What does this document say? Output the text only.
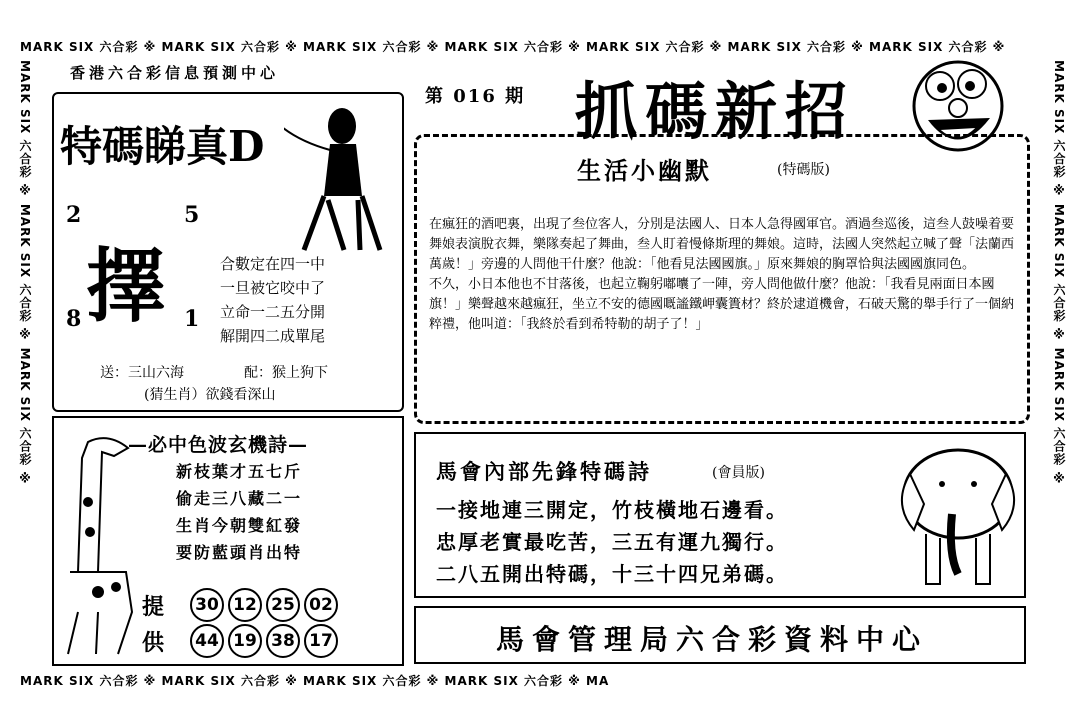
MARK SIX 六合彩 ※ MARK SIX 六合彩 ※ MARK SIX 六合彩 ※ MARK SIX 六合彩 ※ MARK SIX 六合彩 ※ MARK SIX 六合彩 ※ MARK SIX 六合彩 ※
MARK SIX 六合彩 ※ MARK SIX 六合彩 ※ MARK SIX 六合彩 ※ MARK SIX 六合彩 ※ MA
MARK SIX 六合彩 ※ MARK SIX 六合彩 ※ MARK SIX 六合彩 ※	MARK SIX 六合彩 ※ MARK SIX 六合彩 ※ MARK SIX 六合彩 ※
香港六合彩信息預測中心
第 016 期 抓碼新招
特碼睇真D
2	5
8	1
擇	合數定在四一中
一旦被它咬中了
立命一二五分開
解開四二成單尾
送：三山六海	配：猴上狗下
(猜生肖）欲錢看深山
生活小幽默	(特碼版)
在瘋狂的酒吧裏，出現了叁位客人，分別是法國人、日本人急得國軍官。酒過叁巡後，這叁人鼓噪着要舞娘表演脫衣舞，樂隊奏起了舞曲，叁人盯着慢條斯理的舞娘。這時，法國人突然起立喊了聲「法蘭西萬歲！」旁邊的人問他干什麼？他說：「他看見法國國旗。」原來舞娘的胸罩恰與法國國旗同色。
不久，小日本他也不甘落後，也起立鞠躬嘟囔了一陣，旁人問他做什麼？他說：「我看見兩面日本國旗！」樂聲越來越瘋狂，坐立不安的德國嘅謐鐵岬囊簣材？終於逮道機會，石破天驚的舉手行了一個納粹禮，他叫道：「我終於看到希特勒的胡子了！」
—必中色波玄機詩—
新枝葉才五七斤
偷走三八藏二一
生肖今朝雙紅發
要防藍頭肖出特
提
供
30 12 25 02
44 19 38 17
馬會內部先鋒特碼詩	(會員版)
一接地連三開定，竹枝橫地石邊看。
忠厚老實最吃苦，三五有運九獨行。
二八五開出特碼，十三十四兄弟碼。
馬會管理局六合彩資料中心
